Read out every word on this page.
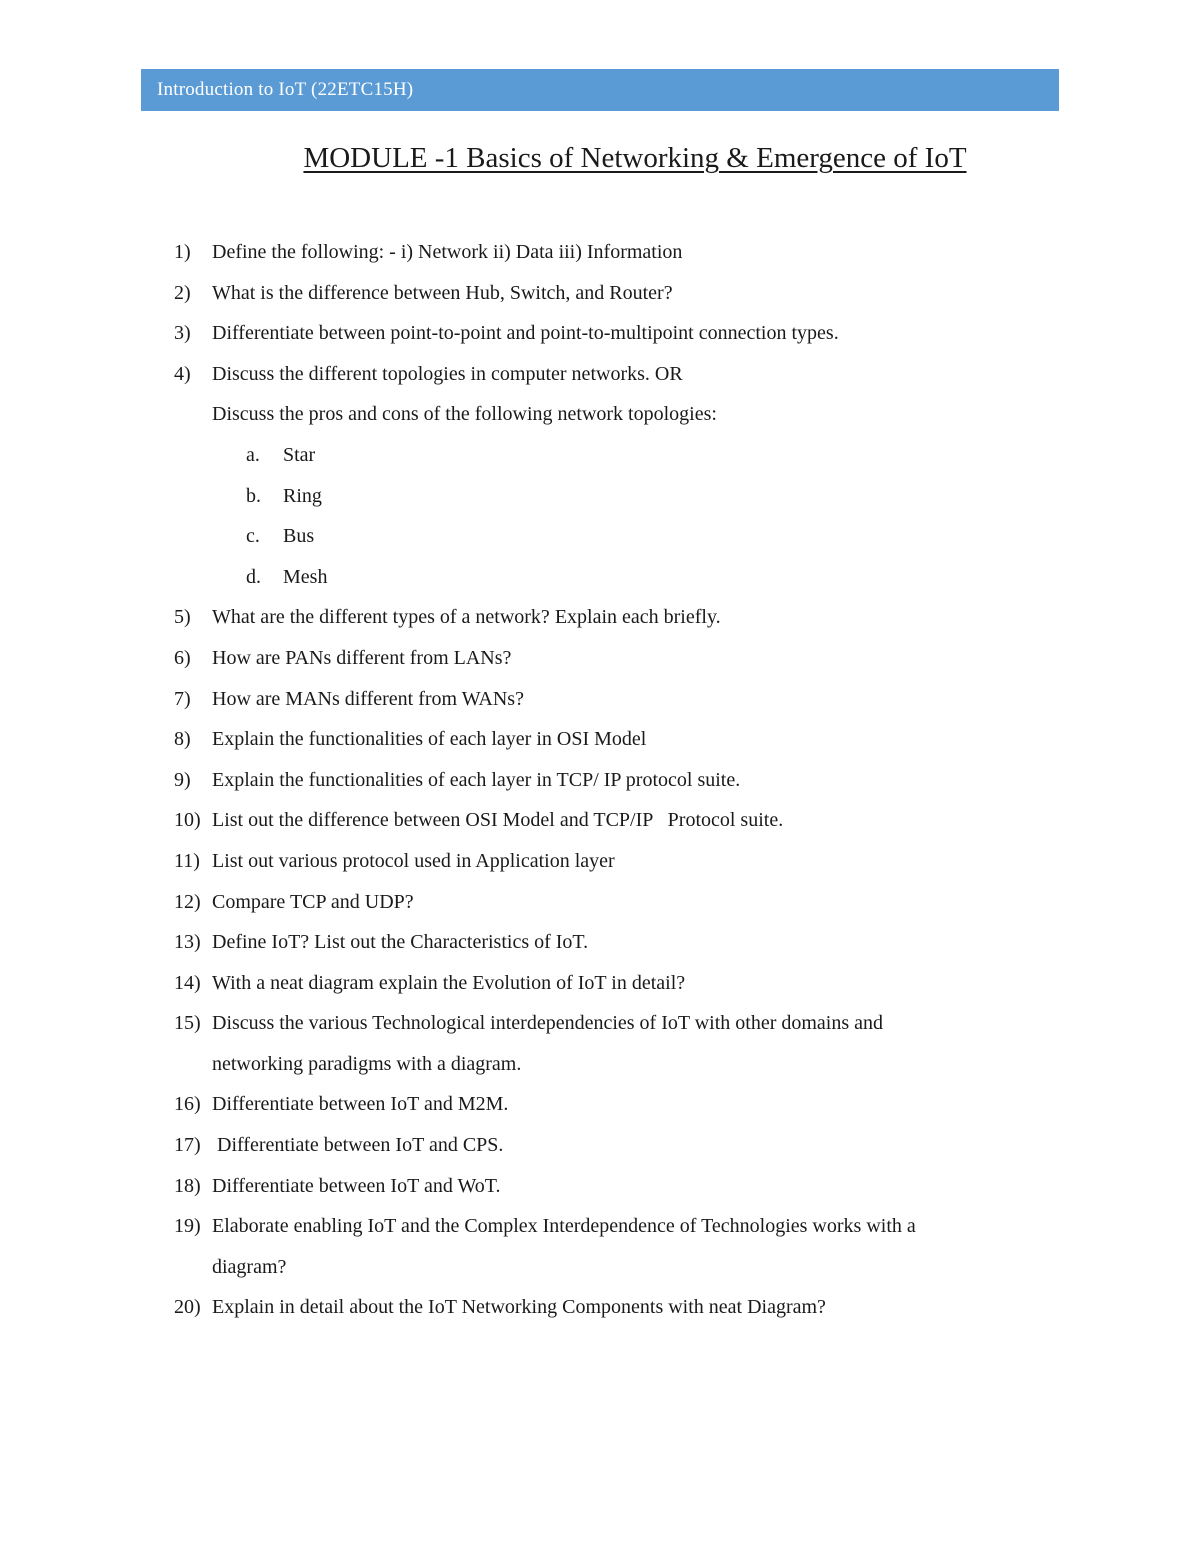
Introduction to IoT (22ETC15H)
MODULE -1 Basics of Networking & Emergence of IoT
1)	Define the following: - i) Network ii) Data iii) Information
2)	What is the difference between Hub, Switch, and Router?
3)	Differentiate between point-to-point and point-to-multipoint connection types.
4)	Discuss the different topologies in computer networks. OR
Discuss the pros and cons of the following network topologies:
a.	Star
b.	Ring
c.	Bus
d.	Mesh
5)	What are the different types of a network? Explain each briefly.
6)	How are PANs different from LANs?
7)	How are MANs different from WANs?
8)	Explain the functionalities of each layer in OSI Model
9)	Explain the functionalities of each layer in TCP/ IP protocol suite.
10) List out the difference between OSI Model and TCP/IP   Protocol suite.
11) List out various protocol used in Application layer
12) Compare TCP and UDP?
13) Define IoT? List out the Characteristics of IoT.
14) With a neat diagram explain the Evolution of IoT in detail?
15) Discuss the various Technological interdependencies of IoT with other domains and
networking paradigms with a diagram.
16) Differentiate between IoT and M2M.
17) Differentiate between IoT and CPS.
18) Differentiate between IoT and WoT.
19) Elaborate enabling IoT and the Complex Interdependence of Technologies works with a
diagram?
20) Explain in detail about the IoT Networking Components with neat Diagram?
